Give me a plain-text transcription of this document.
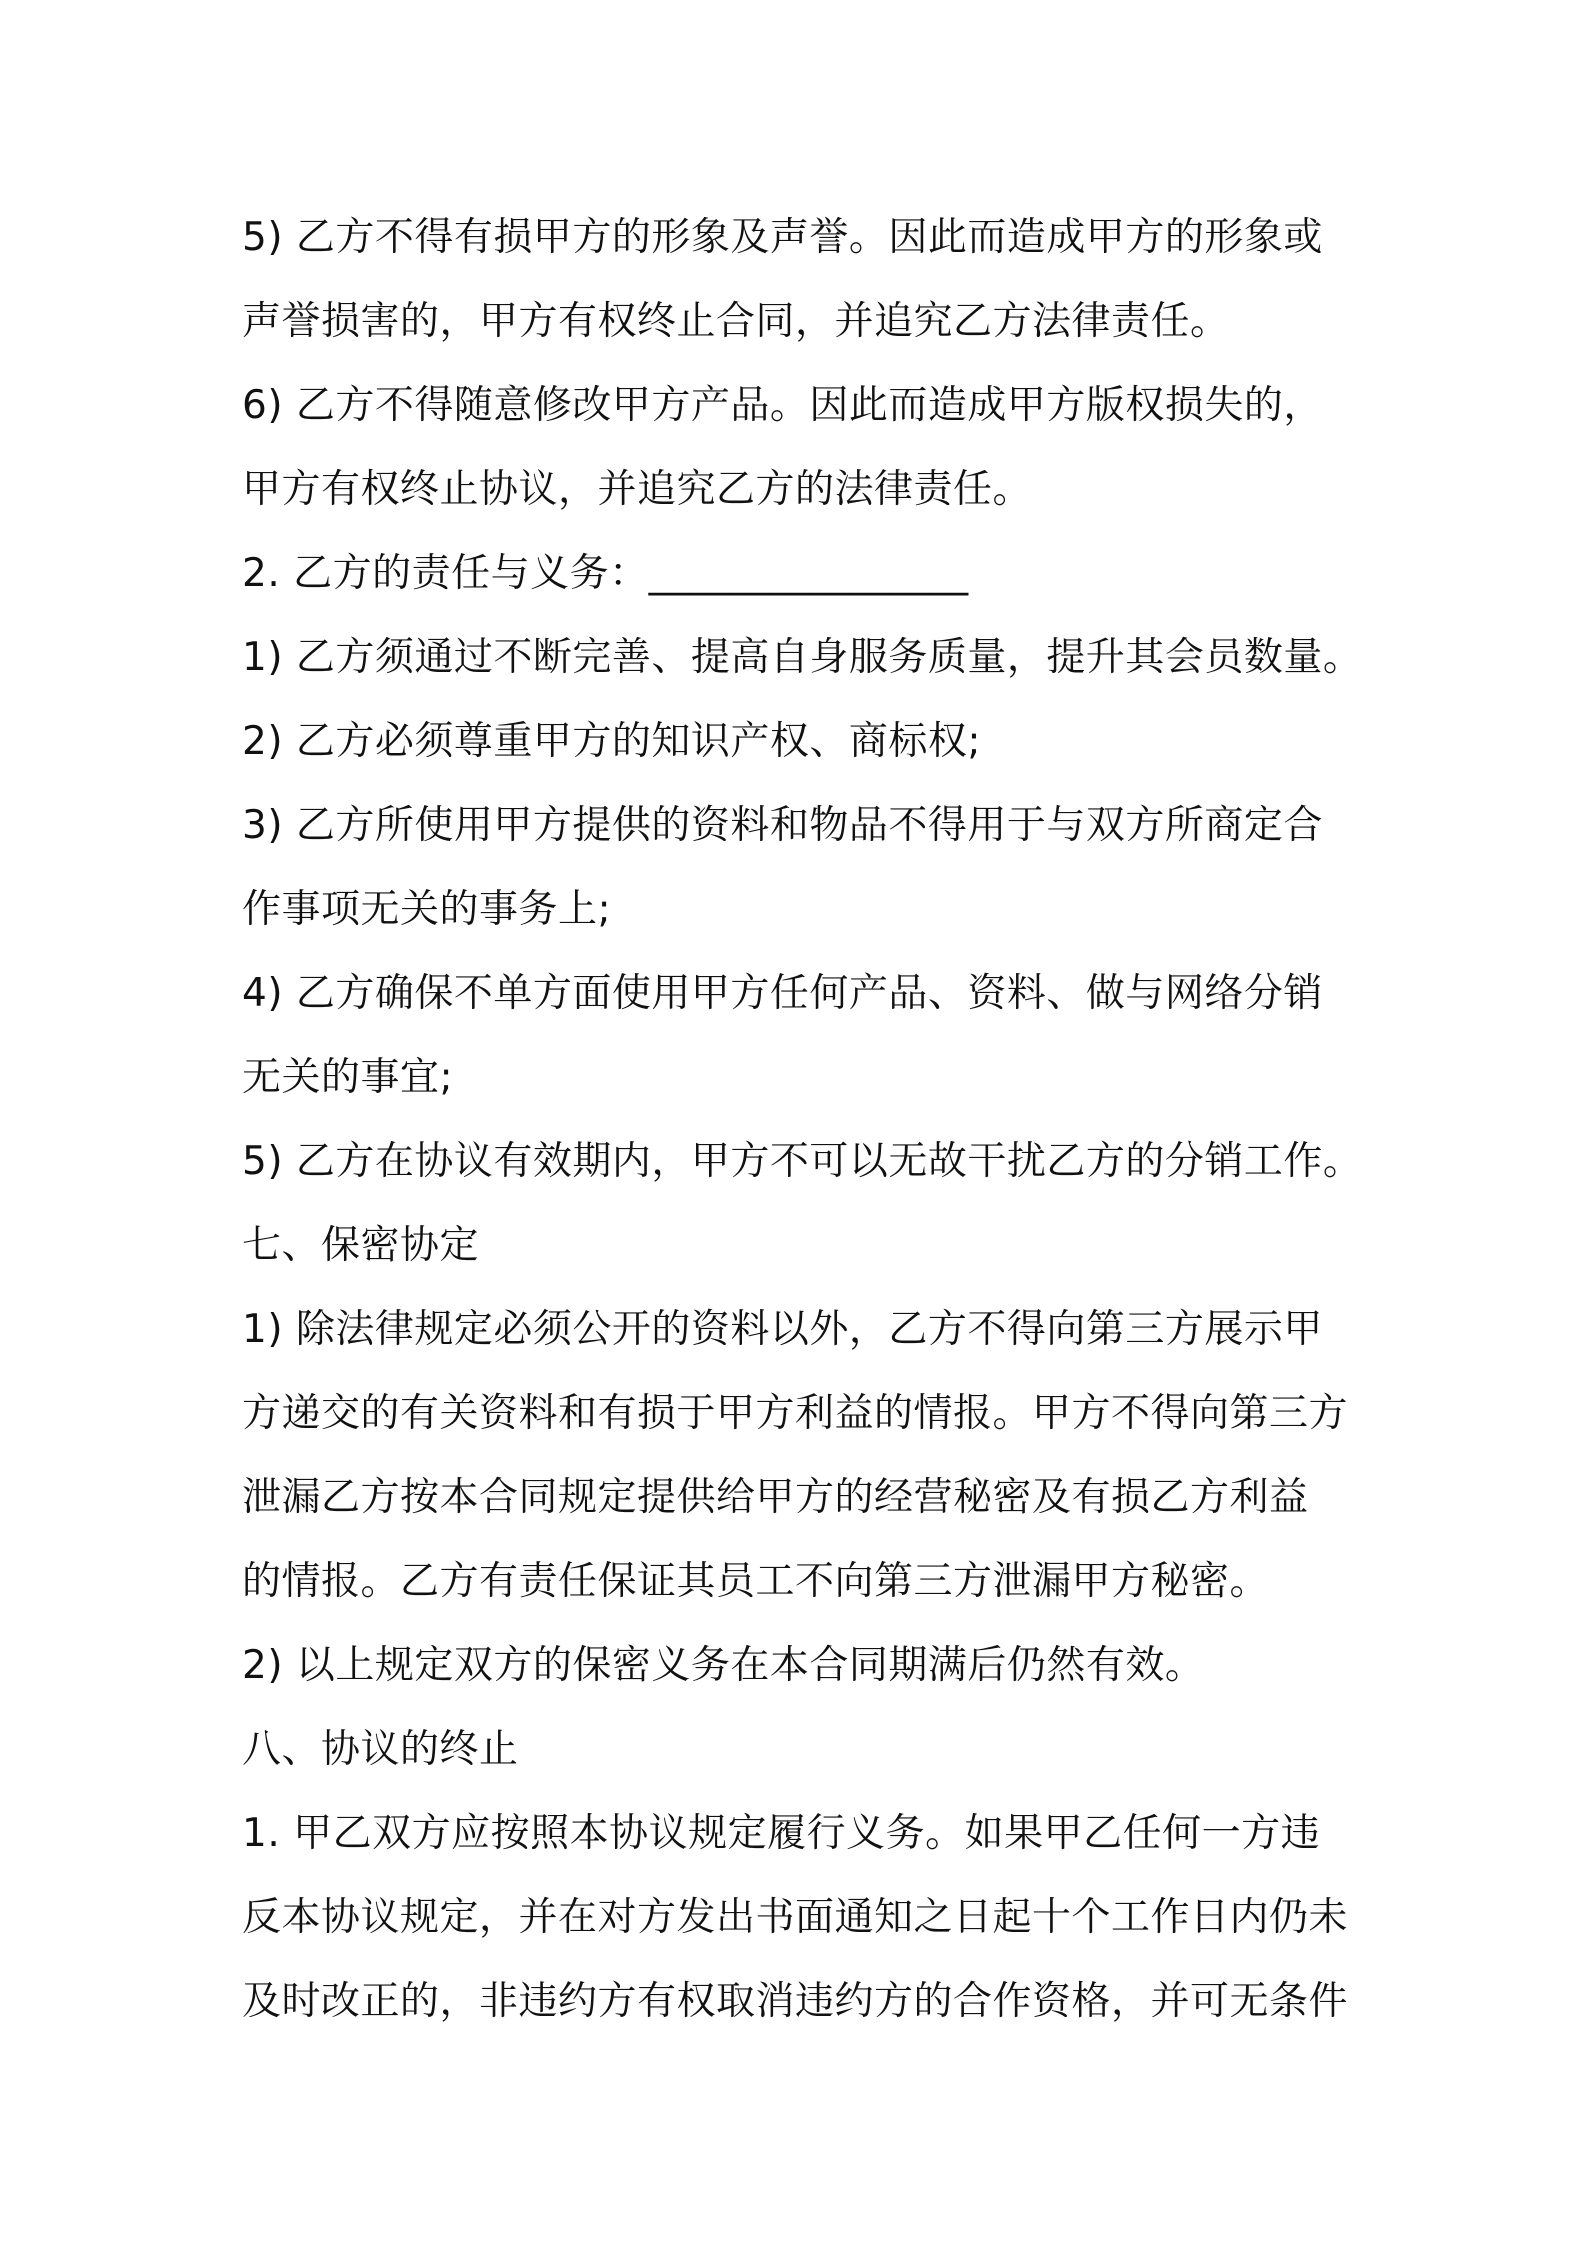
5) 乙方不得有损甲方的形象及声誉。因此而造成甲方的形象或
声誉损害的，甲方有权终止合同，并追究乙方法律责任。
6) 乙方不得随意修改甲方产品。因此而造成甲方版权损失的，
甲方有权终止协议，并追究乙方的法律责任。
2. 乙方的责任与义务：________________
1) 乙方须通过不断完善、提高自身服务质量，提升其会员数量。
2) 乙方必须尊重甲方的知识产权、商标权;
3) 乙方所使用甲方提供的资料和物品不得用于与双方所商定合
作事项无关的事务上;
4) 乙方确保不单方面使用甲方任何产品、资料、做与网络分销
无关的事宜;
5) 乙方在协议有效期内，甲方不可以无故干扰乙方的分销工作。
七、保密协定
1) 除法律规定必须公开的资料以外，乙方不得向第三方展示甲
方递交的有关资料和有损于甲方利益的情报。甲方不得向第三方
泄漏乙方按本合同规定提供给甲方的经营秘密及有损乙方利益
的情报。乙方有责任保证其员工不向第三方泄漏甲方秘密。
2) 以上规定双方的保密义务在本合同期满后仍然有效。
八、协议的终止
1. 甲乙双方应按照本协议规定履行义务。如果甲乙任何一方违
反本协议规定，并在对方发出书面通知之日起十个工作日内仍未
及时改正的，非违约方有权取消违约方的合作资格，并可无条件
